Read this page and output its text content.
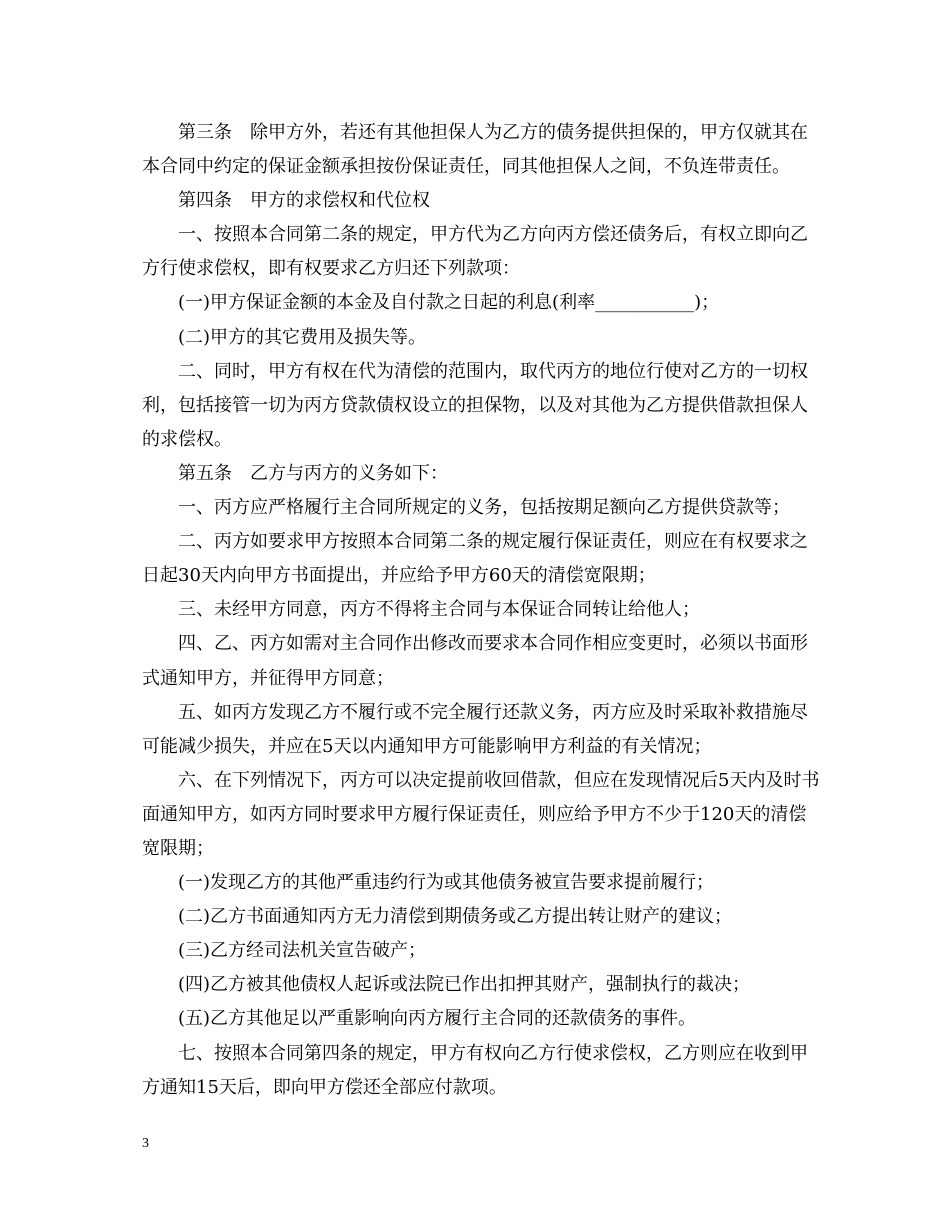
第三条　除甲方外，若还有其他担保人为乙方的债务提供担保的，甲方仅就其在本合同中约定的保证金额承担按份保证责任，同其他担保人之间，不负连带责任。

第四条　甲方的求偿权和代位权

一、按照本合同第二条的规定，甲方代为乙方向丙方偿还债务后，有权立即向乙方行使求偿权，即有权要求乙方归还下列款项：

(一)甲方保证金额的本金及自付款之日起的利息(利率___________)；

(二)甲方的其它费用及损失等。

二、同时，甲方有权在代为清偿的范围内，取代丙方的地位行使对乙方的一切权利，包括接管一切为丙方贷款债权设立的担保物，以及对其他为乙方提供借款担保人的求偿权。

第五条　乙方与丙方的义务如下：

一、丙方应严格履行主合同所规定的义务，包括按期足额向乙方提供贷款等；

二、丙方如要求甲方按照本合同第二条的规定履行保证责任，则应在有权要求之日起30天内向甲方书面提出，并应给予甲方60天的清偿宽限期；

三、未经甲方同意，丙方不得将主合同与本保证合同转让给他人；

四、乙、丙方如需对主合同作出修改而要求本合同作相应变更时，必须以书面形式通知甲方，并征得甲方同意；

五、如丙方发现乙方不履行或不完全履行还款义务，丙方应及时采取补救措施尽可能减少损失，并应在5天以内通知甲方可能影响甲方利益的有关情况；

六、在下列情况下，丙方可以决定提前收回借款，但应在发现情况后5天内及时书面通知甲方，如丙方同时要求甲方履行保证责任，则应给予甲方不少于120天的清偿宽限期；

(一)发现乙方的其他严重违约行为或其他债务被宣告要求提前履行；

(二)乙方书面通知丙方无力清偿到期债务或乙方提出转让财产的建议；

(三)乙方经司法机关宣告破产；

(四)乙方被其他债权人起诉或法院已作出扣押其财产，强制执行的裁决；

(五)乙方其他足以严重影响向丙方履行主合同的还款债务的事件。

七、按照本合同第四条的规定，甲方有权向乙方行使求偿权，乙方则应在收到甲方通知15天后，即向甲方偿还全部应付款项。

3
